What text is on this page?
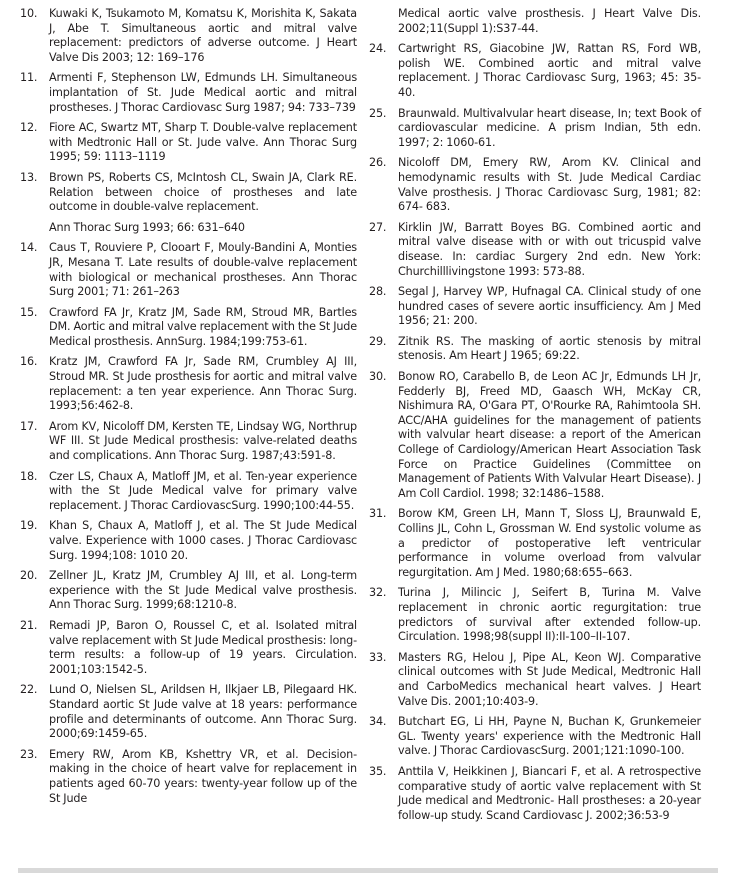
10.	Kuwaki K, Tsukamoto M, Komatsu K, Morishita K, Sakata J, Abe T. Simultaneous aortic and mitral valve replacement: predictors of adverse outcome. J Heart Valve Dis 2003; 12: 169–176
11.	Armenti F, Stephenson LW, Edmunds LH. Simultaneous implantation of St. Jude Medical aortic and mitral prostheses. J Thorac Cardiovasc Surg 1987; 94: 733–739
12.	Fiore AC, Swartz MT, Sharp T. Double-valve replacement with Medtronic Hall or St. Jude valve. Ann Thorac Surg 1995; 59: 1113–1119
13.	Brown PS, Roberts CS, McIntosh CL, Swain JA, Clark RE. Relation between choice of prostheses and late outcome in double-valve replacement.
Ann Thorac Surg 1993; 66: 631–640
14.	Caus T, Rouviere P, Clooart F, Mouly-Bandini A, Monties JR, Mesana T. Late results of double-valve replacement with biological or mechanical prostheses. Ann Thorac Surg 2001; 71: 261–263
15.	Crawford FA Jr, Kratz JM, Sade RM, Stroud MR, Bartles DM. Aortic and mitral valve replacement with the St Jude Medical prosthesis. AnnSurg. 1984;199:753-61.
16.	Kratz JM, Crawford FA Jr, Sade RM, Crumbley AJ III, Stroud MR. St Jude prosthesis for aortic and mitral valve replacement: a ten year experience. Ann Thorac Surg. 1993;56:462-8.
17.	Arom KV, Nicoloff DM, Kersten TE, Lindsay WG, Northrup WF III. St Jude Medical prosthesis: valve-related deaths and complications. Ann Thorac Surg. 1987;43:591-8.
18.	Czer LS, Chaux A, Matloff JM, et al. Ten-year experience with the St Jude Medical valve for primary valve replacement. J Thorac CardiovascSurg. 1990;100:44-55.
19.	Khan S, Chaux A, Matloff J, et al. The St Jude Medical valve. Experience with 1000 cases. J Thorac Cardiovasc Surg. 1994;108: 1010 20.
20.	Zellner JL, Kratz JM, Crumbley AJ III, et al. Long-term experience with the St Jude Medical valve prosthesis. Ann Thorac Surg. 1999;68:1210-8.
21.	Remadi JP, Baron O, Roussel C, et al. Isolated mitral valve replacement with St Jude Medical prosthesis: long-term results: a follow-up of 19 years. Circulation. 2001;103:1542-5.
22.	Lund O, Nielsen SL, Arildsen H, Ilkjaer LB, Pilegaard HK. Standard aortic St Jude valve at 18 years: performance profile and determinants of outcome. Ann Thorac Surg. 2000;69:1459-65.
23.	Emery RW, Arom KB, Kshettry VR, et al. Decision-making in the choice of heart valve for replacement in patients aged 60-70 years: twenty-year follow up of the St Jude
Medical aortic valve prosthesis. J Heart Valve Dis. 2002;11(Suppl 1):S37-44.
24.	Cartwright RS, Giacobine JW, Rattan RS, Ford WB, polish WE. Combined aortic and mitral valve replacement. J Thorac Cardiovasc Surg, 1963; 45: 35-40.
25.	Braunwald. Multivalvular heart disease, In; text Book of cardiovascular medicine. A prism Indian, 5th edn. 1997; 2: 1060-61.
26.	Nicoloff DM, Emery RW, Arom KV. Clinical and hemodynamic results with St. Jude Medical Cardiac Valve prosthesis. J Thorac Cardiovasc Surg, 1981; 82: 674- 683.
27.	Kirklin JW, Barratt Boyes BG. Combined aortic and mitral valve disease with or with out tricuspid valve disease. In: cardiac Surgery 2nd edn. New York: Churchilllivingstone 1993: 573-88.
28.	Segal J, Harvey WP, Hufnagal CA. Clinical study of one hundred cases of severe aortic insufficiency. Am J Med 1956; 21: 200.
29.	Zitnik RS. The masking of aortic stenosis by mitral stenosis. Am Heart J 1965; 69:22.
30.	Bonow RO, Carabello B, de Leon AC Jr, Edmunds LH Jr, Fedderly BJ, Freed MD, Gaasch WH, McKay CR, Nishimura RA, O'Gara PT, O'Rourke RA, Rahimtoola SH. ACC/AHA guidelines for the management of patients with valvular heart disease: a report of the American College of Cardiology/American Heart Association Task Force on Practice Guidelines (Committee on Management of Patients With Valvular Heart Disease). J Am Coll Cardiol. 1998; 32:1486–1588.
31.	Borow KM, Green LH, Mann T, Sloss LJ, Braunwald E, Collins JL, Cohn L, Grossman W. End systolic volume as a predictor of postoperative left ventricular performance in volume overload from valvular regurgitation. Am J Med. 1980;68:655–663.
32.	Turina J, Milincic J, Seifert B, Turina M. Valve replacement in chronic aortic regurgitation: true predictors of survival after extended follow-up. Circulation. 1998;98(suppl II):II-100–II-107.
33.	Masters RG, Helou J, Pipe AL, Keon WJ. Comparative clinical outcomes with St Jude Medical, Medtronic Hall and CarboMedics mechanical heart valves. J Heart Valve Dis. 2001;10:403-9.
34.	Butchart EG, Li HH, Payne N, Buchan K, Grunkemeier GL. Twenty years' experience with the Medtronic Hall valve. J Thorac CardiovascSurg. 2001;121:1090-100.
35.	Anttila V, Heikkinen J, Biancari F, et al. A retrospective comparative study of aortic valve replacement with St Jude medical and Medtronic- Hall prostheses: a 20-year follow-up study. Scand Cardiovasc J. 2002;36:53-9
